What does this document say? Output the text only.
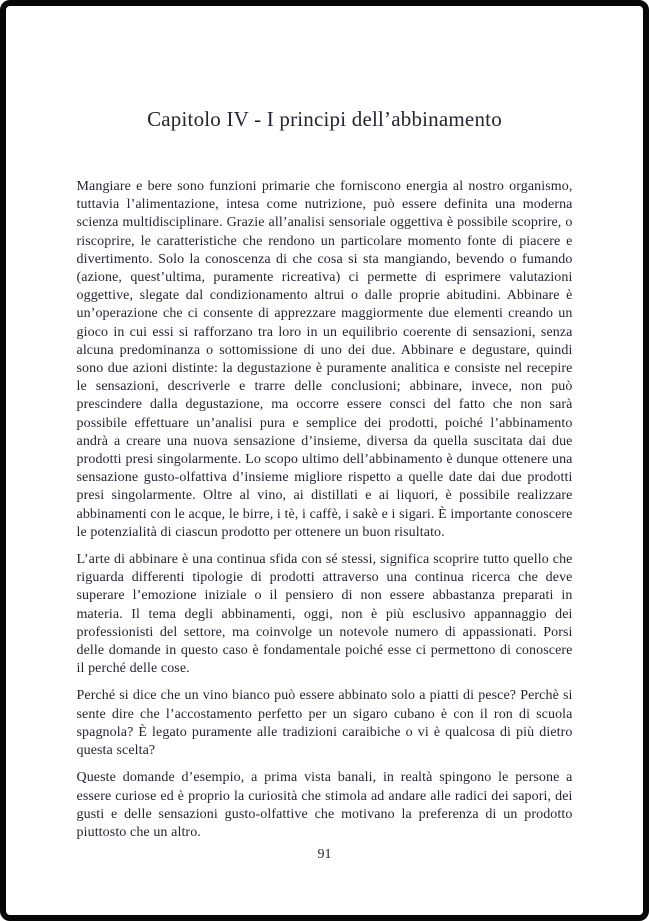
Capitolo IV - I principi dell’abbinamento

Mangiare e bere sono funzioni primarie che forniscono energia al nostro organismo, tuttavia l’alimentazione, intesa come nutrizione, può essere definita una moderna scienza multidisciplinare. Grazie all’analisi sensoriale oggettiva è possibile scoprire, o riscoprire, le caratteristiche che rendono un particolare momento fonte di piacere e divertimento. Solo la conoscenza di che cosa si sta mangiando, bevendo o fumando (azione, quest’ultima, puramente ricreativa) ci permette di esprimere valutazioni oggettive, slegate dal condizionamento altrui o dalle proprie abitudini. Abbinare è un’operazione che ci consente di apprezzare maggiormente due elementi creando un gioco in cui essi si rafforzano tra loro in un equilibrio coerente di sensazioni, senza alcuna predominanza o sottomissione di uno dei due. Abbinare e degustare, quindi sono due azioni distinte: la degustazione è puramente analitica e consiste nel recepire le sensazioni, descriverle e trarre delle conclusioni; abbinare, invece, non può prescindere dalla degustazione, ma occorre essere consci del fatto che non sarà possibile effettuare un’analisi pura e semplice dei prodotti, poiché l’abbinamento andrà a creare una nuova sensazione d’insieme, diversa da quella suscitata dai due prodotti presi singolarmente. Lo scopo ultimo dell’abbinamento è dunque ottenere una sensazione gusto-olfattiva d’insieme migliore rispetto a quelle date dai due prodotti presi singolarmente. Oltre al vino, ai distillati e ai liquori, è possibile realizzare abbinamenti con le acque, le birre, i tè, i caffè, i sakè e i sigari. È importante conoscere le potenzialità di ciascun prodotto per ottenere un buon risultato.

L’arte di abbinare è una continua sfida con sé stessi, significa scoprire tutto quello che riguarda differenti tipologie di prodotti attraverso una continua ricerca che deve superare l’emozione iniziale o il pensiero di non essere abbastanza preparati in materia. Il tema degli abbinamenti, oggi, non è più esclusivo appannaggio dei professionisti del settore, ma coinvolge un notevole numero di appassionati. Porsi delle domande in questo caso è fondamentale poiché esse ci permettono di conoscere il perché delle cose.

Perché si dice che un vino bianco può essere abbinato solo a piatti di pesce? Perchè si sente dire che l’accostamento perfetto per un sigaro cubano è con il ron di scuola spagnola? È legato puramente alle tradizioni caraibiche o vi è qualcosa di più dietro questa scelta?

Queste domande d’esempio, a prima vista banali, in realtà spingono le persone a essere curiose ed è proprio la curiosità che stimola ad andare alle radici dei sapori, dei gusti e delle sensazioni gusto-olfattive che motivano la preferenza di un prodotto piuttosto che un altro.

91
